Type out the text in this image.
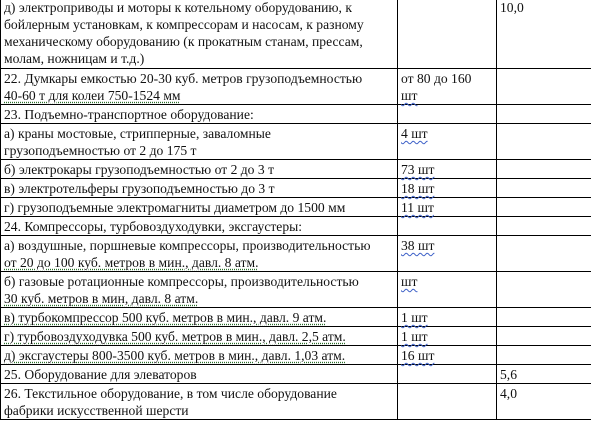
д) электроприводы и моторы к котельному оборудованию, к
бойлерным установкам, к компрессорам и насосам, к разному
механическому оборудованию (к прокатным станам, прессам,
молам, ножницам и т.д.)		10,0

22. Думкары емкостью 20-30 куб. метров грузоподъемностью
40-60 т для колеи 750-1524 мм	от 80 до 160
шт	

23. Подъемно-транспортное оборудование:		

а) краны мостовые, стрипперные, заваломные
грузоподъемностью от 2 до 175 т	4 шт	

б) электрокары грузоподъемностью от 2 до 3 т	73 шт	

в) электротельферы грузоподъемностью до 3 т	18 шт	

г) грузоподъемные электромагниты диаметром до 1500 мм	11 шт	

24. Компрессоры, турбовоздуходувки, эксгаустеры:		

а) воздушные, поршневые компрессоры, производительностью
от 20 до 100 куб. метров в мин., давл. 8 атм.	38 шт	

б) газовые ротационные компрессоры, производительностью
30 куб. метров в мин, давл. 8 атм.	шт	

в) турбокомпрессор 500 куб. метров в мин., давл. 9 атм.	1 шт	

г) турбовоздуходувка 500 куб. метров в мин., давл. 2,5 атм.	1 шт	

д) эксгаустеры 800-3500 куб. метров в мин., давл. 1,03 атм.	16 шт	

25. Оборудование для элеваторов		5,6

26. Текстильное оборудование, в том числе оборудование
фабрики искусственной шерсти		4,0
